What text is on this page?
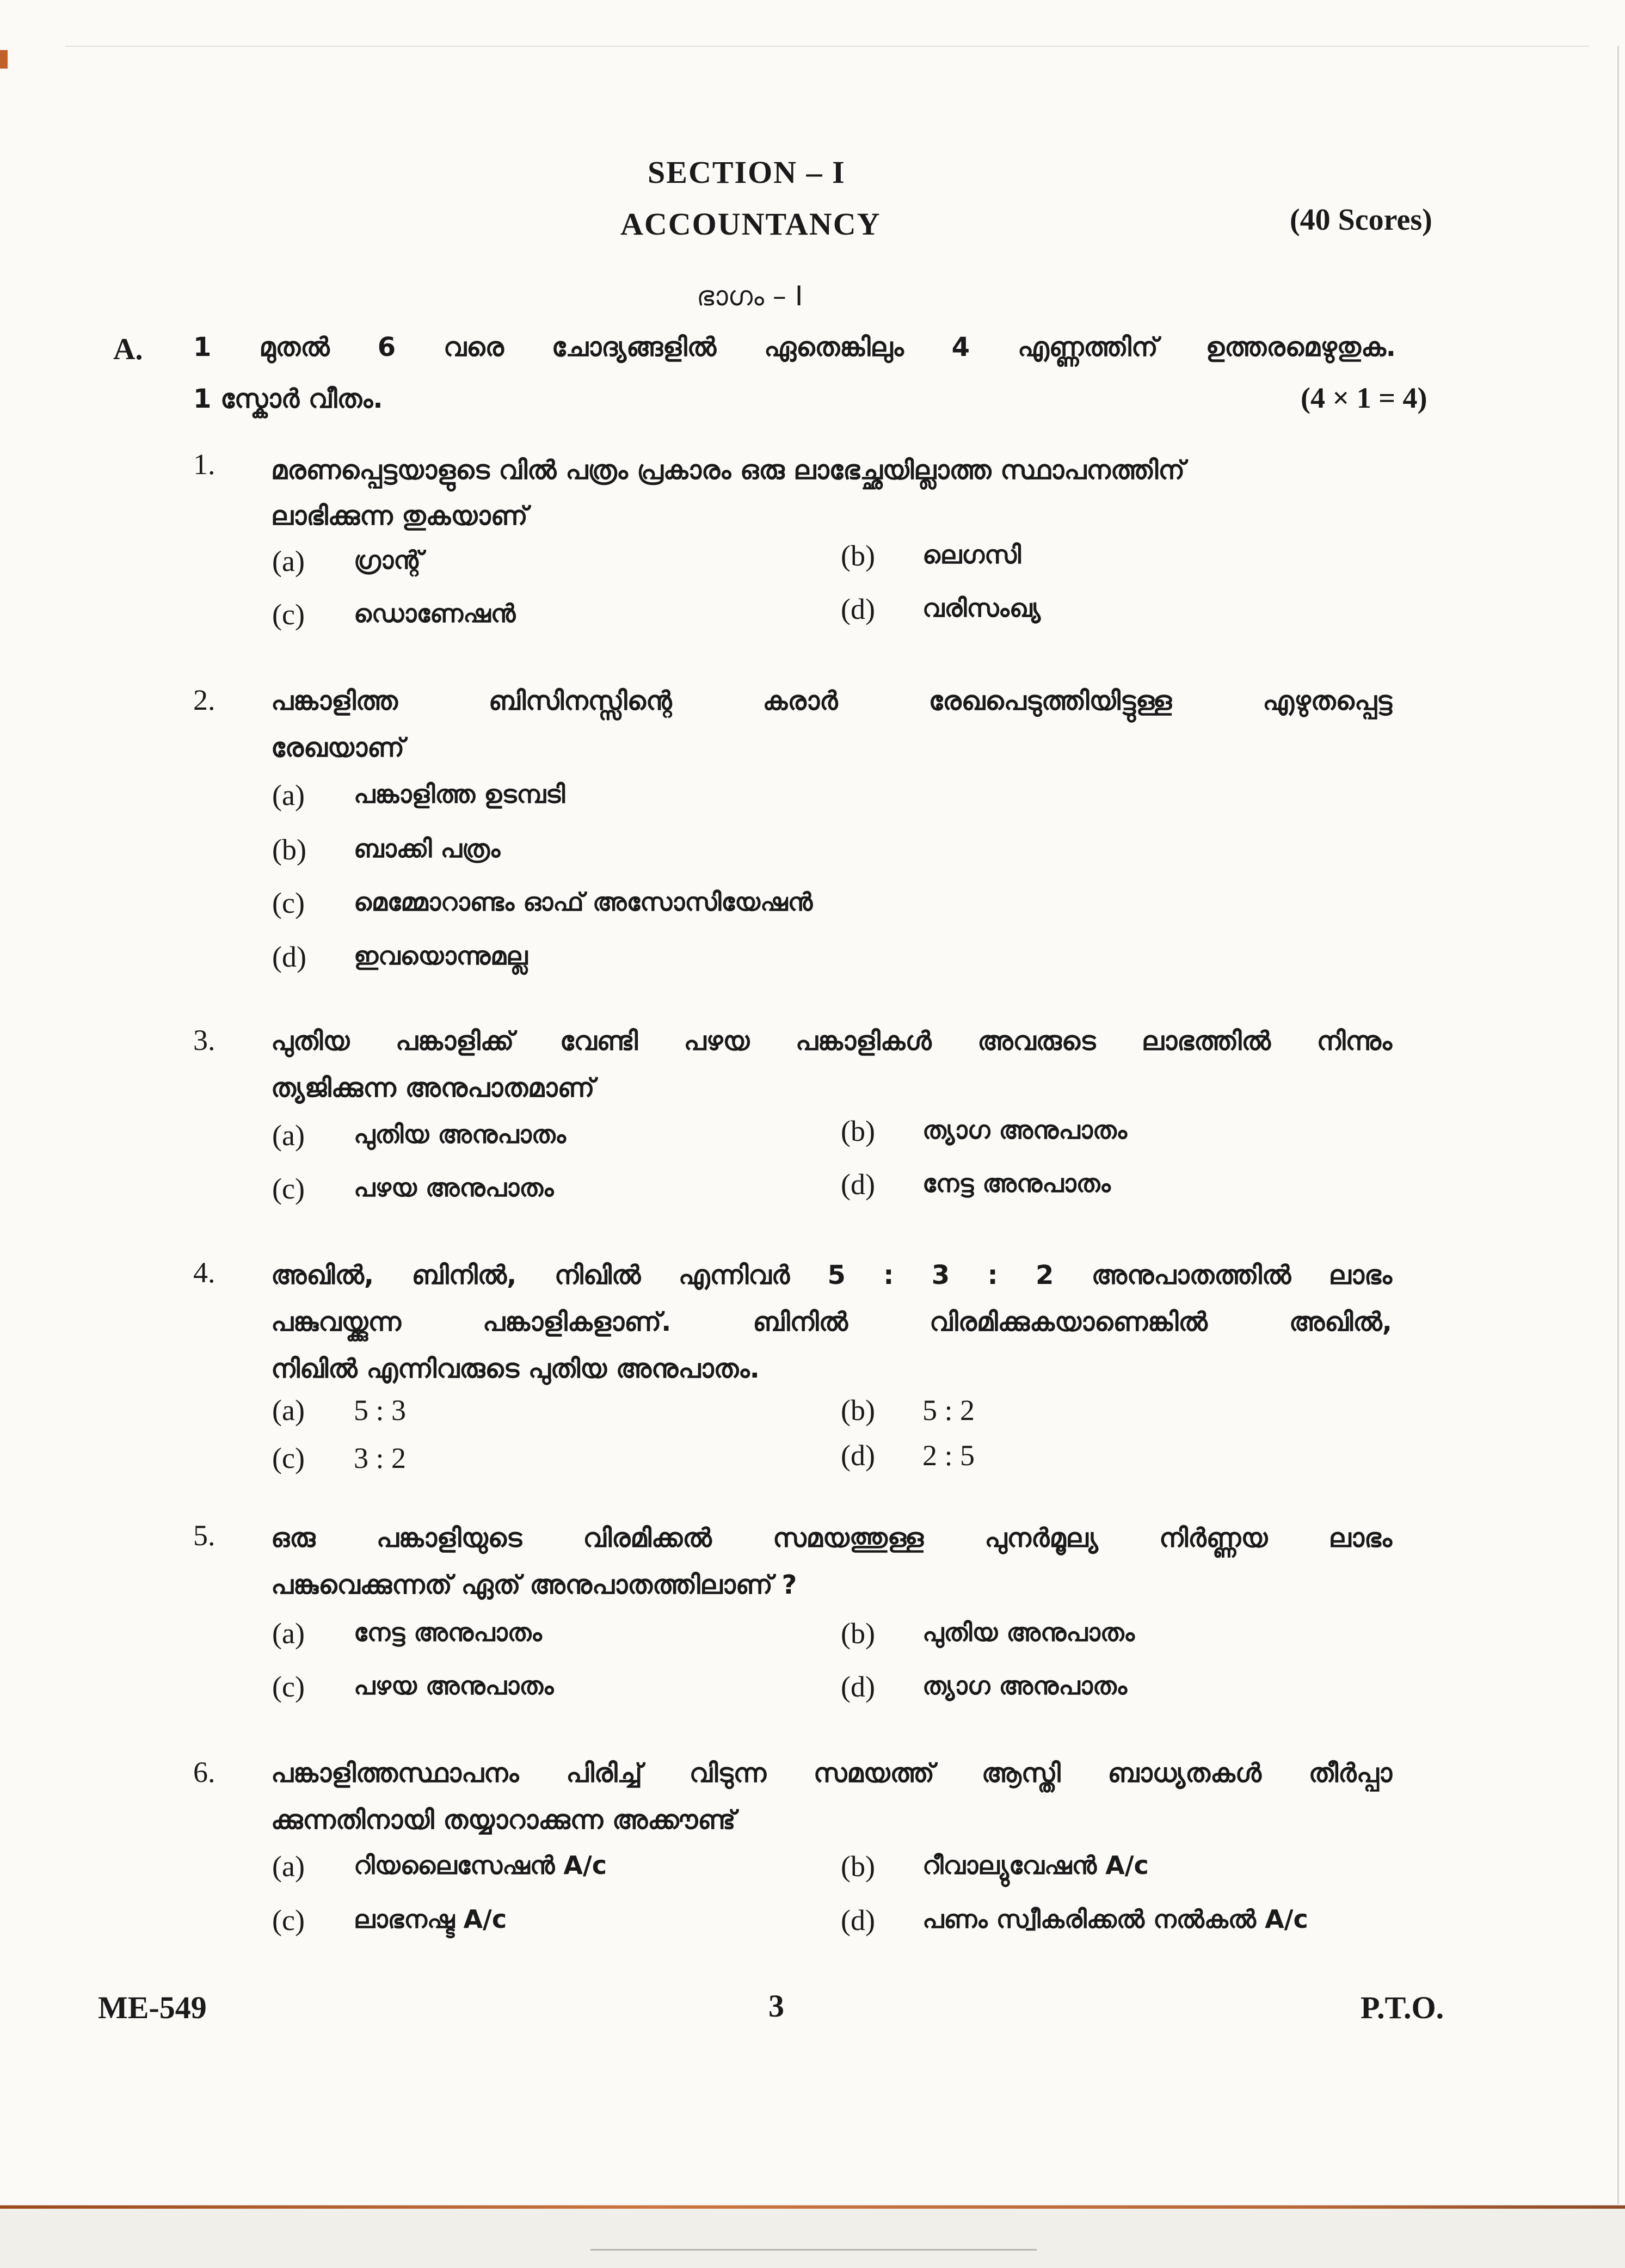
SECTION – I
ACCOUNTANCY	(40 Scores)
ഭാഗം – I
A. 1 മുതൽ 6 വരെ ചോദ്യങ്ങളിൽ ഏതെങ്കിലും 4 എണ്ണത്തിന് ഉത്തരമെഴുതുക.
1 സ്കോർ വീതം.	(4 × 1 = 4)
1. മരണപ്പെട്ടയാളുടെ വിൽ പത്രം പ്രകാരം ഒരു ലാഭേച്ഛയില്ലാത്ത സ്ഥാപനത്തിന്
ലാഭിക്കുന്ന തുകയാണ്
(a) ഗ്രാന്റ്	(b) ലെഗസി
(c) ഡൊണേഷൻ	(d) വരിസംഖ്യ
2. പങ്കാളിത്ത ബിസിനസ്സിന്റെ കരാർ രേഖപെടുത്തിയിട്ടുള്ള എഴുതപ്പെട്ട
രേഖയാണ്
(a) പങ്കാളിത്ത ഉടമ്പടി
(b) ബാക്കി പത്രം
(c) മെമ്മോറാണ്ടം ഓഫ് അസോസിയേഷൻ
(d) ഇവയൊന്നുമല്ല
3. പുതിയ പങ്കാളിക്ക് വേണ്ടി പഴയ പങ്കാളികൾ അവരുടെ ലാഭത്തിൽ നിന്നും
ത്യജിക്കുന്ന അനുപാതമാണ്
(a) പുതിയ അനുപാതം	(b) ത്യാഗ അനുപാതം
(c) പഴയ അനുപാതം	(d) നേട്ട അനുപാതം
4. അഖിൽ, ബിനിൽ, നിഖിൽ എന്നിവർ 5 : 3 : 2 അനുപാതത്തിൽ ലാഭം
പങ്കുവയ്ക്കുന്ന പങ്കാളികളാണ്. ബിനിൽ വിരമിക്കുകയാണെങ്കിൽ അഖിൽ,
നിഖിൽ എന്നിവരുടെ പുതിയ അനുപാതം.
(a) 5 : 3	(b) 5 : 2
(c) 3 : 2	(d) 2 : 5
5. ഒരു പങ്കാളിയുടെ വിരമിക്കൽ സമയത്തുള്ള പുനർമൂല്യ നിർണ്ണയ ലാഭം
പങ്കുവെക്കുന്നത് ഏത് അനുപാതത്തിലാണ് ?
(a) നേട്ട അനുപാതം	(b) പുതിയ അനുപാതം
(c) പഴയ അനുപാതം	(d) ത്യാഗ അനുപാതം
6. പങ്കാളിത്തസ്ഥാപനം പിരിച്ച് വിടുന്ന സമയത്ത് ആസ്തി ബാധ്യതകൾ തീർപ്പാ
ക്കുന്നതിനായി തയ്യാറാക്കുന്ന അക്കൗണ്ട്
(a) റിയലൈസേഷൻ A/c	(b) റീവാല്യുവേഷൻ A/c
(c) ലാഭനഷ്ട A/c	(d) പണം സ്വീകരിക്കൽ നൽകൽ A/c
ME-549	3	P.T.O.
